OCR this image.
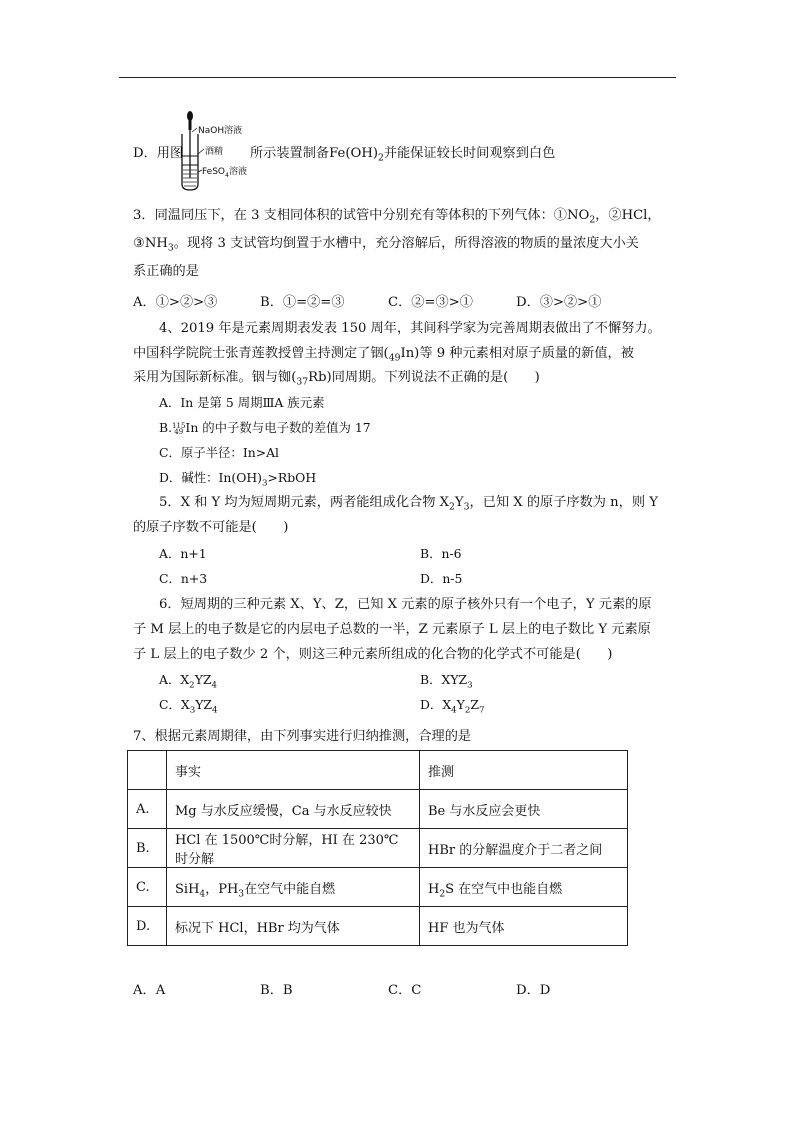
D．用图
NaOH溶液
酒精
FeSO$_4$溶液
所示装置制备$Fe(OH)_2$并能保证较长时间观察到白色
3．同温同压下，在 3 支相同体积的试管中分别充有等体积的下列气体：$①NO_2$，②HCl，
$③NH_3$。现将 3 支试管均倒置于水槽中，充分溶解后，所得溶液的物质的量浓度大小关
系正确的是
A．①>②>③	B．①=②=③	C．②=③>①	D．③>②>①
4、2019 年是元素周期表发表 150 周年，其间科学家为完善周期表做出了不懈努力。
中国科学院院士张青莲教授曾主持测定了铟$(_{49}In)$等 9 种元素相对原子质量的新值，被
采用为国际新标准。铟与铷$(_{37}Rb)$同周期。下列说法不正确的是(　　)
A．In 是第 5 周期ⅢA 族元素
B.115
49 In 的中子数与电子数的差值为 17
C．原子半径：In>Al
D．碱性：$In(OH)_3>RbOH$
5．X 和 Y 均为短周期元素，两者能组成化合物 $X_2Y_3$，已知 X 的原子序数为 n，则 Y
的原子序数不可能是(　　)
A．n+1	B．n-6
C．n+3	D．n-5
6．短周期的三种元素 X、Y、Z，已知 X 元素的原子核外只有一个电子，Y 元素的原
子 M 层上的电子数是它的内层电子总数的一半，Z 元素原子 L 层上的电子数比 Y 元素原
子 L 层上的电子数少 2 个，则这三种元素所组成的化合物的化学式不可能是(　　)
A．$X_2YZ_4$	B．$XYZ_3$
C．$X_3YZ_4$	D．$X_4Y_2Z_7$
7、根据元素周期律，由下列事实进行归纳推测，合理的是
	事实	推测
A.	Mg 与水反应缓慢，Ca 与水反应较快	Be 与水反应会更快
B.	HCl 在 1500℃时分解，HI 在 230℃时分解	HBr 的分解温度介于二者之间
C.	SiH$_4$，$PH_3$在空气中能自燃	$H_2S$ 在空气中也能自燃
D.	标况下 HCl，HBr 均为气体	HF 也为气体
A．A	B．B	C．C	D．D
